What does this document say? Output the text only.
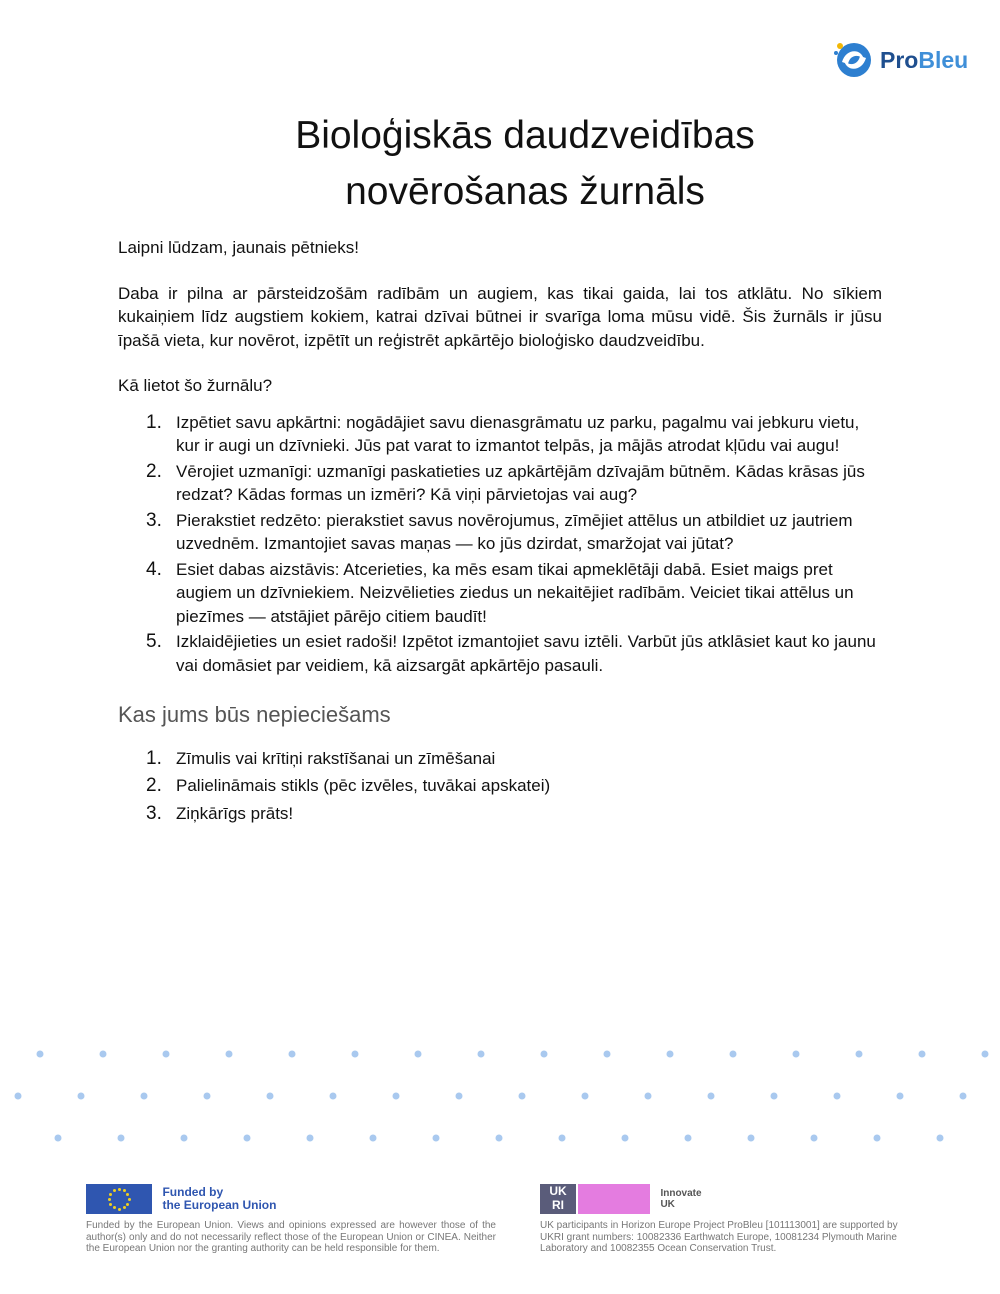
ProBleu
Bioloģiskās daudzveidības
novērošanas žurnāls

Laipni lūdzam, jaunais pētnieks!

Daba ir pilna ar pārsteidzošām radībām un augiem, kas tikai gaida, lai tos atklātu. No sīkiem kukaiņiem līdz augstiem kokiem, katrai dzīvai būtnei ir svarīga loma mūsu vidē. Šis žurnāls ir jūsu īpašā vieta, kur novērot, izpētīt un reģistrēt apkārtējo bioloģisko daudzveidību.

Kā lietot šo žurnālu?

1. Izpētiet savu apkārtni: nogādājiet savu dienasgrāmatu uz parku, pagalmu vai jebkuru vietu, kur ir augi un dzīvnieki. Jūs pat varat to izmantot telpās, ja mājās atrodat kļūdu vai augu!
2. Vērojiet uzmanīgi: uzmanīgi paskatieties uz apkārtējām dzīvajām būtnēm. Kādas krāsas jūs redzat? Kādas formas un izmēri? Kā viņi pārvietojas vai aug?
3. Pierakstiet redzēto: pierakstiet savus novērojumus, zīmējiet attēlus un atbildiet uz jautriem uzvednēm. Izmantojiet savas maņas — ko jūs dzirdat, smaržojat vai jūtat?
4. Esiet dabas aizstāvis: Atcerieties, ka mēs esam tikai apmeklētāji dabā. Esiet maigs pret augiem un dzīvniekiem. Neizvēlieties ziedus un nekaitējiet radībām. Veiciet tikai attēlus un piezīmes — atstājiet pārējo citiem baudīt!
5. Izklaidējieties un esiet radoši! Izpētot izmantojiet savu iztēli. Varbūt jūs atklāsiet kaut ko jaunu vai domāsiet par veidiem, kā aizsargāt apkārtējo pasauli.
Kas jums būs nepieciešams
1. Zīmulis vai krītiņi rakstīšanai un zīmēšanai
2. Palielināmais stikls (pēc izvēles, tuvākai apskatei)
3. Ziņkārīgs prāts!
Funded by
the European Union
Funded by the European Union. Views and opinions expressed are however those of the author(s) only and do not necessarily reflect those of the European Union or CINEA. Neither the European Union nor the granting authority can be held responsible for them.
UK
RI Innovate
UK
UK participants in Horizon Europe Project ProBleu [101113001] are supported by UKRI grant numbers: 10082336 Earthwatch Europe, 10081234 Plymouth Marine Laboratory and 10082355 Ocean Conservation Trust.
